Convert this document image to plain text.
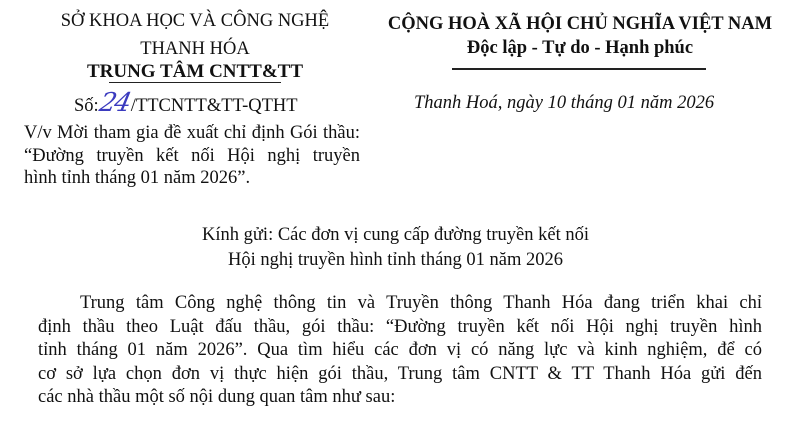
SỞ KHOA HỌC VÀ CÔNG NGHỆ
THANH HÓA
TRUNG TÂM CNTT&TT
Số:24/TTCNTT&TT-QTHT
V/v Mời tham gia đề xuất chỉ định Gói thầu:
“Đường truyền kết nối Hội nghị truyền
hình tỉnh tháng 01 năm 2026”.
CỘNG HOÀ XÃ HỘI CHỦ NGHĨA VIỆT NAM
Độc lập - Tự do - Hạnh phúc
Thanh Hoá, ngày 10 tháng 01 năm 2026
Kính gửi: Các đơn vị cung cấp đường truyền kết nối
Hội nghị truyền hình tỉnh tháng 01 năm 2026
Trung tâm Công nghệ thông tin và Truyền thông Thanh Hóa đang triển khai chỉ
định thầu theo Luật đấu thầu, gói thầu: “Đường truyền kết nối Hội nghị truyền hình
tỉnh tháng 01 năm 2026”. Qua tìm hiểu các đơn vị có năng lực và kinh nghiệm, để có
cơ sở lựa chọn đơn vị thực hiện gói thầu, Trung tâm CNTT & TT Thanh Hóa gửi đến
các nhà thầu một số nội dung quan tâm như sau:
